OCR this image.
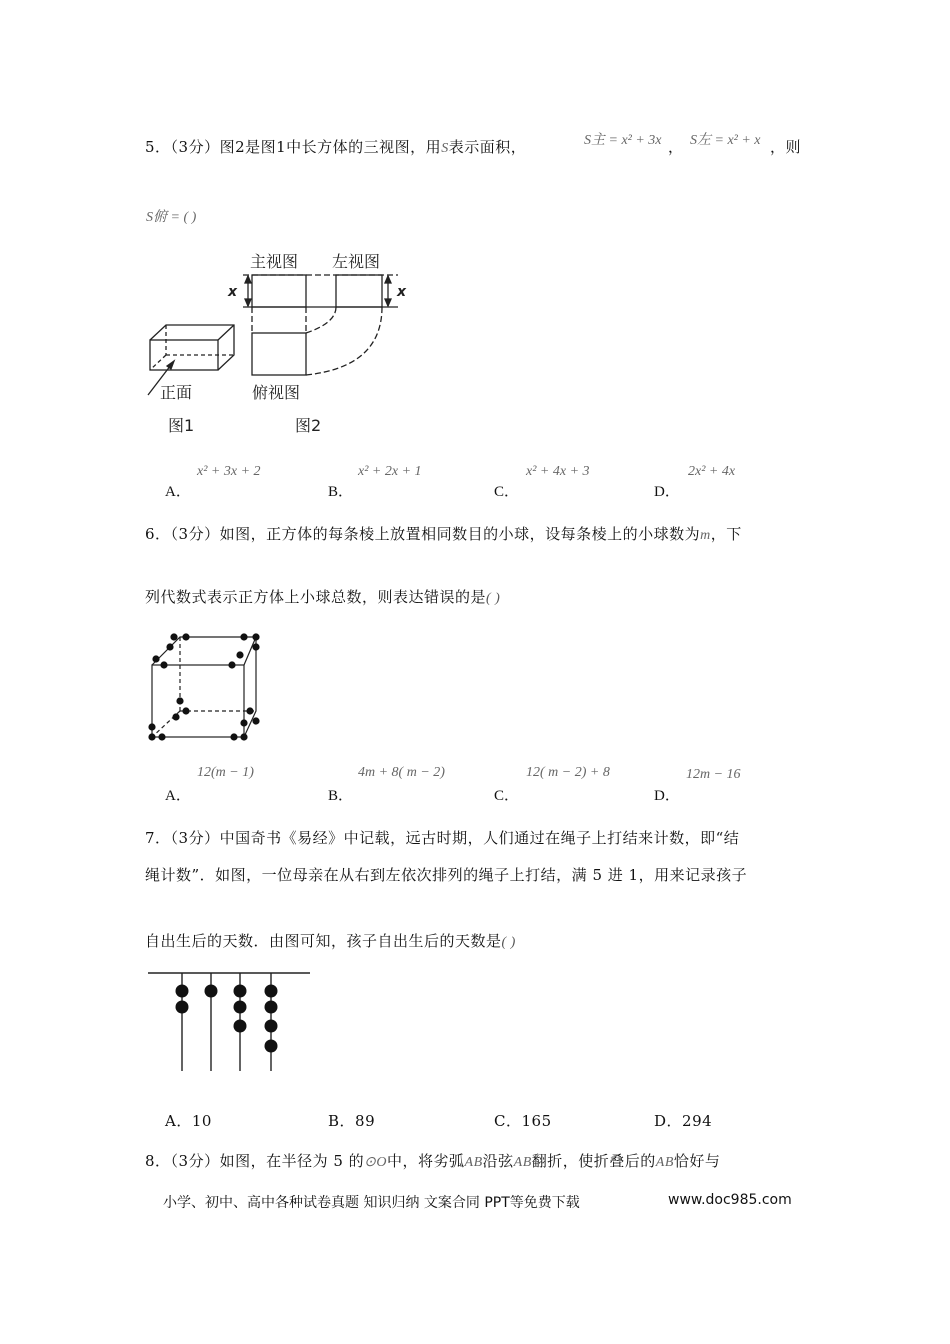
5．（3分）图2是图1中长方体的三视图，用S表示面积，	S主 = x² + 3x ， S左 = x² + x ，则
S俯 = ( )
正面
图1
主视图 左视图
x	x
俯视图
图2
A．
x² + 3x + 2
B．
x² + 2x + 1
C．
x² + 4x + 3
D．
2x² + 4x
6．（3分）如图，正方体的每条棱上放置相同数目的小球，设每条棱上的小球数为m，下
列代数式表示正方体上小球总数，则表达错误的是( )
A．
12(m − 1)
B．
4m + 8( m − 2)
C．
12( m − 2) + 8
D．
12m − 16
7．（3分）中国奇书《易经》中记载，远古时期，人们通过在绳子上打结来计数，即“结
绳计数”．如图，一位母亲在从右到左依次排列的绳子上打结，满 5 进 1，用来记录孩子
自出生后的天数．由图可知，孩子自出生后的天数是( )
A．10	B．89	C．165	D．294
8．（3分）如图，在半径为 5 的⊙O中，将劣弧AB沿弦AB翻折，使折叠后的AB恰好与
小学、初中、高中各种试卷真题 知识归纳 文案合同 PPT等免费下载	www.doc985.com
